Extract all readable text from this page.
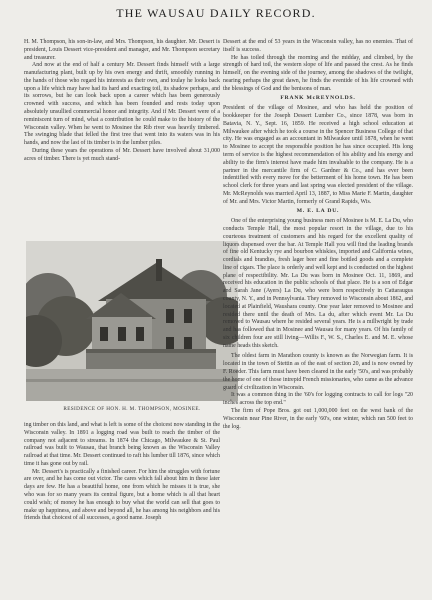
THE WAUSAU DAILY RECORD.

H. M. Thompson, his son-in-law, and Mrs. Thompson, his daughter. Mr. Desert is president, Louis Dessert vice-president and manager, and Mr. Thompson secretary and treasurer.

And now at the end of half a century Mr. Dessert finds himself with a large manufacturing plant, built up by his own energy and thrift, smoothly running in the hands of those who regard his interests as their own, and toulay he looks back upon a life which may have had its hard and exacting toil, its shadow perhaps, and its sorrows, but he can look back upon a career which has been generously crowned with success, and which has been founded and rests today upon absolutely unsullied commercial honor and integrity. And if Mr. Dessert were of a reminiscent turn of mind, what a contribution he could make to the history of the Wisconsin valley. When he went to Mosinee the Rib river was heavily timbered. The swinging blade that felled the first tree that went into its waters was in his hands, and now the last of its timber is in the lumber piles.

During these years the operations of Mr. Dessert have involved about 31,000 acres of timber. There is yet much stand-

RESIDENCE OF HON. H. M. THOMPSON, MOSINEE.

ing timber on this land, and what is left is some of the choicest now standing in the Wisconsin valley. In 1891 a logging road was built to reach the timber of the company not adjacent to streams. In 1874 the Chicago, Milwaukee & St. Paul railroad was built to Wausau, that branch being known as the Wisconsin Valley railroad at that time. Mr. Dessert continued to raft his lumber till 1876, since which time it has gone out by rail.

Mr. Dessert's is practically a finished career. For him the struggles with fortune are over, and he has come out victor. The cares which fall about him in these later days are few. He has a beautiful home, one from which he misses it is true, she who was for so many years its central figure, but a home which is all that heart could wish; of money he has enough to buy what the world can sell that goes to make up happiness, and above and beyond all, he has among his neighbors and his friends that choicest of all successes, a good name. Joseph

Dessert at the end of 53 years in the Wisconsin valley, has no enemies. That of itself is success.

He has toiled through the morning and the midday, and climbed, by the strength of hard toil, the western slope of life and passed the crest. As he finds himself, on the evening side of the journey, among the shadows of the twilight, nearing perhaps the great dawn, he finds the eventide of his life crowned with the blessings of God and the benisons of man.

FRANK McREYNOLDS.

President of the village of Mosinee, and who has held the position of bookkeeper for the Joseph Dessert Lumber Co., since 1878, was born in Batavia, N. Y., Sept. 16, 1859. He received a high school education at Milwaukee after which he took a course in the Spencer Business College of that city. He was engaged as an accountant in Milwaukee until 1878, when he went to Mosinee to accept the responsible position he has since occupied. His long term of service is the highest recommendation of his ability and his energy and ability to the firm's interest have made him invaluable to the company. He is a partner in the mercantile firm of C. Gardner & Co., and has ever been indentified with every move for the betterment of his home town. He has been school clerk for three years and last spring was elected president of the village. Mr. McReynolds was married April 13, 1887, to Miss Marie F. Martin, daughter of Mr. and Mrs. Victor Martin, formerly of Grand Rapids, Wis.

M. E. LA DU.

One of the enterprising young business men of Mosinee is M. E. La Du, who conducts Temple Hall, the most popular resort in the village, due to his courteous treatment of customers and his regard for the excellent quality of liquors dispensed over the bar. At Temple Hall you will find the leading brands of fine old Kentucky rye and bourbon whiskies, imported and California wines, cordials and brandies, fresh lager beer and fine bottled goods and a complete line of cigars. The place is orderly and well kept and is conducted on the highest plane of respectibility. Mr. La Du was born in Mosinee Oct. 11, 1869, and received his education in the public schools of that place. He is a son of Edgar and Sarah Jane (Ayers) La Du, who were born respectively in Cattaraugus county, N. Y., and in Pennsylvania. They removed to Wisconsin about 1862, and located at Plainfield, Waushara county. One year later removed to Mosinee and resided there until the death of Mrs. La du, after which event Mr. La Du removed to Wausau where he resided several years. He is a millwright by trade and has followed that in Mosinee and Wausau for many years. Of his family of six children four are still living—Willis F., W. S., Charles E. and M. E. whose name heads this sketch.

The oldest farm in Marathon county is known as the Norwegian farm. It is located in the town of Stettin as of the east of section 20, and is now owned by F. Roeder. This farm must have been cleared in the early '50's, and was probably the home of one of those intrepid French missionaries, who came as the advance guard of civilization in Wisconsin.

It was a common thing in the '60's for logging contracts to call for logs "20 inches across the top end."

The firm of Pope Bros. got out 1,000,000 feet on the west bank of the Wisconsin near Pine River, in the early '60's, one winter, which ran 500 feet to the log.
